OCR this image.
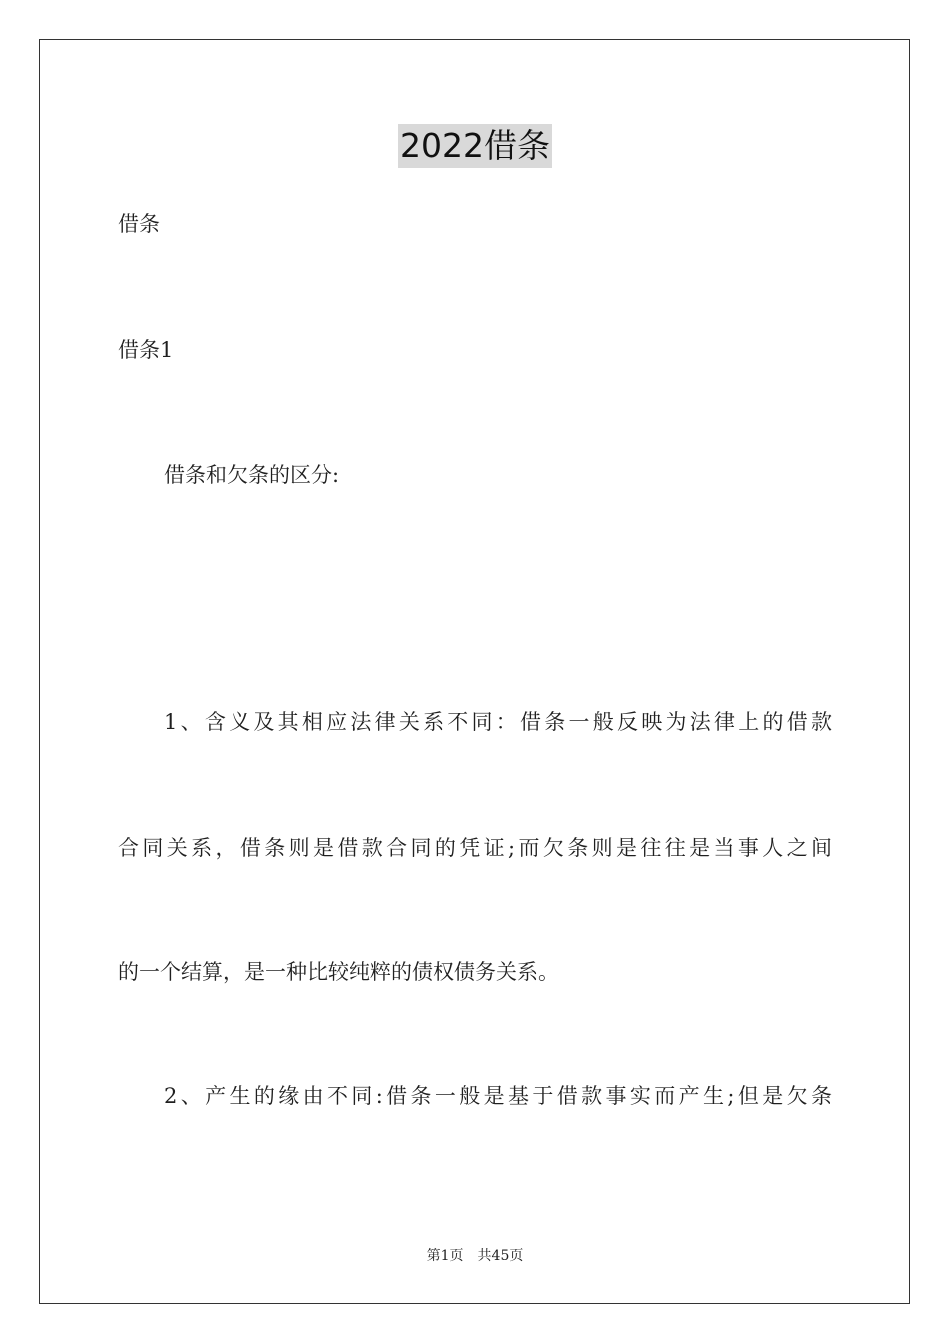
2022借条
借条
借条1
借条和欠条的区分:
1、含义及其相应法律关系不同：借条一般反映为法律上的借款
合同关系，借条则是借款合同的凭证;而欠条则是往往是当事人之间
的一个结算，是一种比较纯粹的债权债务关系。
2、产生的缘由不同:借条一般是基于借款事实而产生;但是欠条
第1页 共45页
